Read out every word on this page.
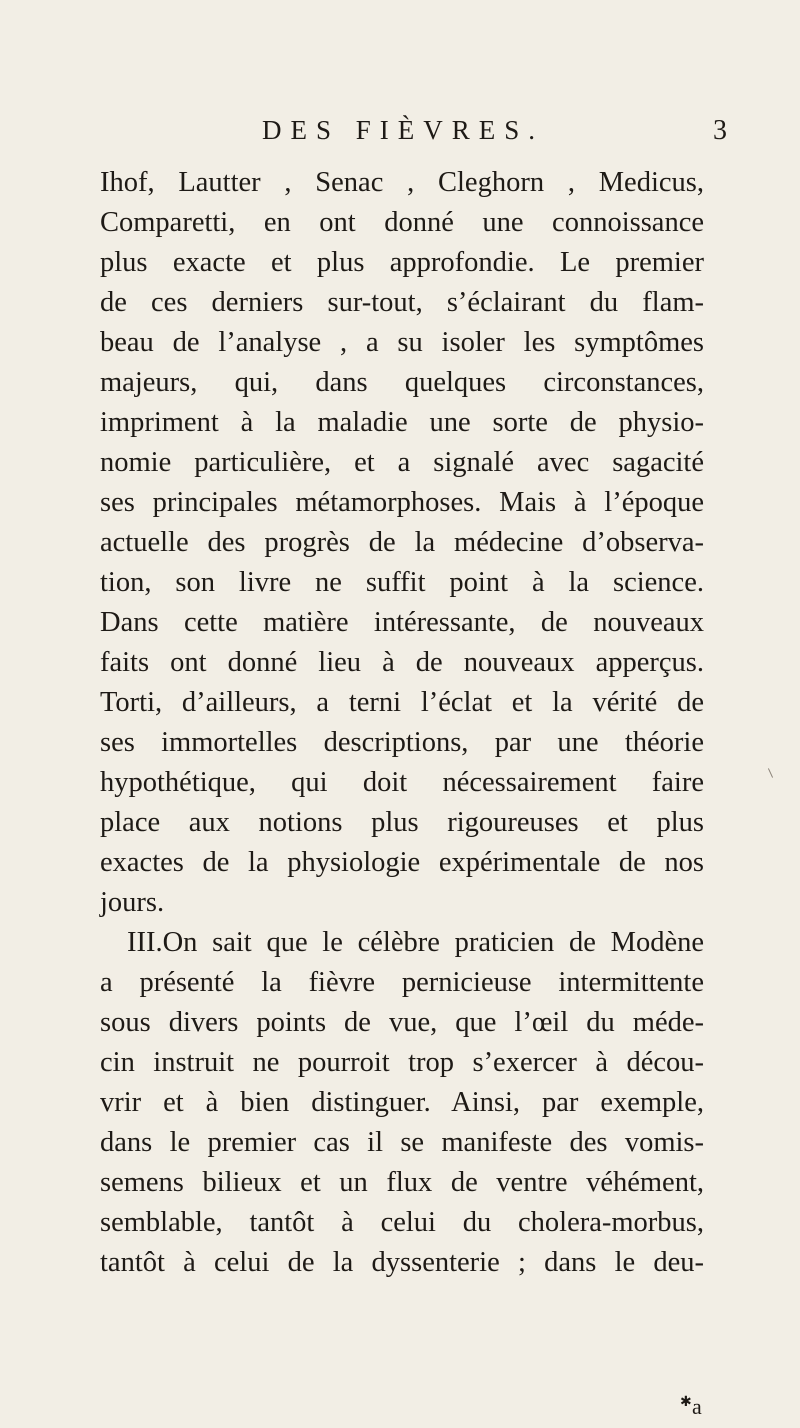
DES FIÈVRES.	3
Ihof, Lautter , Senac , Cleghorn , Medicus,
Comparetti, en ont donné une connoissance
plus exacte et plus approfondie. Le premier
de ces derniers sur-tout, s’éclairant du flam-
beau de l’analyse , a su isoler les symptômes
majeurs, qui, dans quelques circonstances,
impriment à la maladie une sorte de physio-
nomie particulière, et a signalé avec sagacité
ses principales métamorphoses. Mais à l’époque
actuelle des progrès de la médecine d’observa-
tion, son livre ne suffit point à la science.
Dans cette matière intéressante, de nouveaux
faits ont donné lieu à de nouveaux apperçus.
Torti, d’ailleurs, a terni l’éclat et la vérité de
ses immortelles descriptions, par une théorie
hypothétique, qui doit nécessairement faire
place aux notions plus rigoureuses et plus
exactes de la physiologie expérimentale de nos
jours.
III.On sait que le célèbre praticien de Modène
a présenté la fièvre pernicieuse intermittente
sous divers points de vue, que l’œil du méde-
cin instruit ne pourroit trop s’exercer à décou-
vrir et à bien distinguer. Ainsi, par exemple,
dans le premier cas il se manifeste des vomis-
semens bilieux et un flux de ventre véhément,
semblable, tantôt à celui du cholera-morbus,
tantôt à celui de la dyssenterie ; dans le deu-
✱ a
